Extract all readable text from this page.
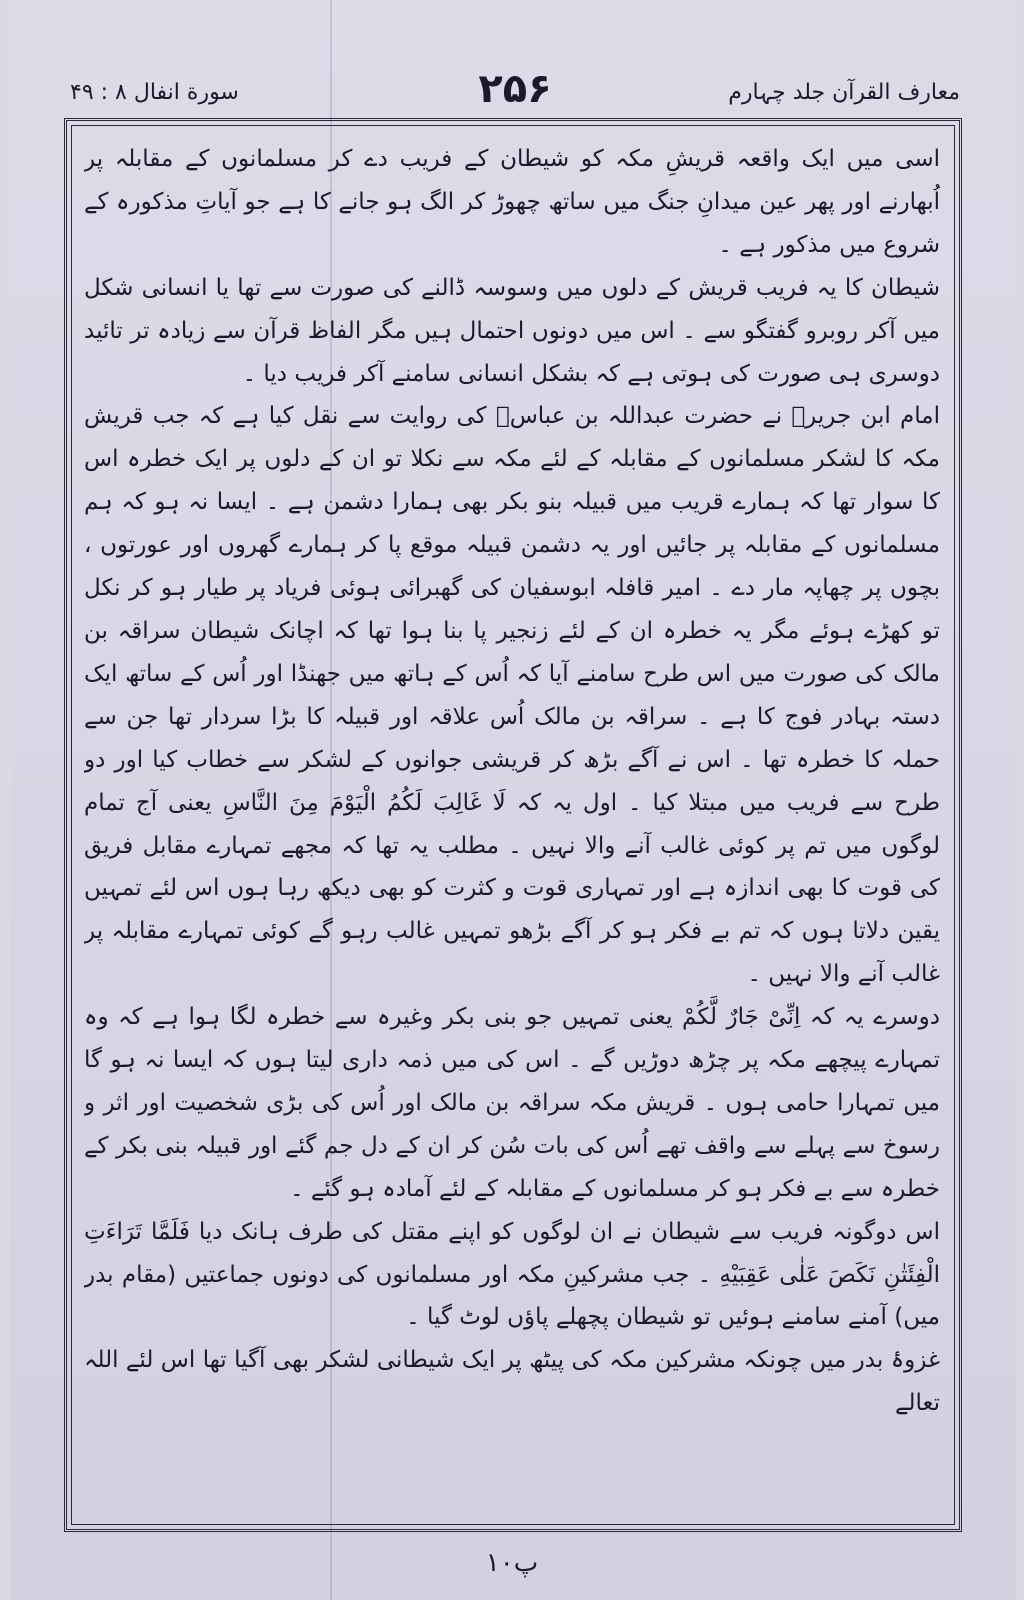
معارف القرآن جلد چہارم
۲۵۶
سورة انفال ۸ : ۴۹

اسی میں ایک واقعہ قریشِ مکہ کو شیطان کے فریب دے کر مسلمانوں کے مقابلہ پر اُبھارنے اور پھر عین میدانِ جنگ میں ساتھ چھوڑ کر الگ ہو جانے کا ہے جو آیاتِ مذکورہ کے شروع میں مذکور ہے ۔

شیطان کا یہ فریب قریش کے دلوں میں وسوسہ ڈالنے کی صورت سے تھا یا انسانی شکل میں آکر روبرو گفتگو سے ۔ اس میں دونوں احتمال ہیں مگر الفاظ قرآن سے زیادہ تر تائید دوسری ہی صورت کی ہوتی ہے کہ بشکل انسانی سامنے آکر فریب دیا ۔

امام ابن جریرؒ نے حضرت عبداللہ بن عباسؓ کی روایت سے نقل کیا ہے کہ جب قریش مکہ کا لشکر مسلمانوں کے مقابلہ کے لئے مکہ سے نکلا تو ان کے دلوں پر ایک خطرہ اس کا سوار تھا کہ ہمارے قریب میں قبیلہ بنو بکر بھی ہمارا دشمن ہے ۔ ایسا نہ ہو کہ ہم مسلمانوں کے مقابلہ پر جائیں اور یہ دشمن قبیلہ موقع پا کر ہمارے گھروں اور عورتوں ، بچوں پر چھاپہ مار دے ۔ امیر قافلہ ابوسفیان کی گھبرائی ہوئی فریاد پر طیار ہو کر نکل تو کھڑے ہوئے مگر یہ خطرہ ان کے لئے زنجیر پا بنا ہوا تھا کہ اچانک شیطان سراقہ بن مالک کی صورت میں اس طرح سامنے آیا کہ اُس کے ہاتھ میں جھنڈا اور اُس کے ساتھ ایک دستہ بہادر فوج کا ہے ۔ سراقہ بن مالک اُس علاقہ اور قبیلہ کا بڑا سردار تھا جن سے حملہ کا خطرہ تھا ۔ اس نے آگے بڑھ کر قریشی جوانوں کے لشکر سے خطاب کیا اور دو طرح سے فریب میں مبتلا کیا ۔ اول یہ کہ لَا غَالِبَ لَكُمُ الْيَوْمَ مِنَ النَّاسِ یعنی آج تمام لوگوں میں تم پر کوئی غالب آنے والا نہیں ۔ مطلب یہ تھا کہ مجھے تمہارے مقابل فریق کی قوت کا بھی اندازہ ہے اور تمہاری قوت و کثرت کو بھی دیکھ رہا ہوں اس لئے تمہیں یقین دلاتا ہوں کہ تم بے فکر ہو کر آگے بڑھو تمہیں غالب رہو گے کوئی تمہارے مقابلہ پر غالب آنے والا نہیں ۔

دوسرے یہ کہ اِنِّیْ جَارٌ لَّكُمْ یعنی تمہیں جو بنی بکر وغیرہ سے خطرہ لگا ہوا ہے کہ وہ تمہارے پیچھے مکہ پر چڑھ دوڑیں گے ۔ اس کی میں ذمہ داری لیتا ہوں کہ ایسا نہ ہو گا میں تمہارا حامی ہوں ۔ قریش مکہ سراقہ بن مالک اور اُس کی بڑی شخصیت اور اثر و رسوخ سے پہلے سے واقف تھے اُس کی بات سُن کر ان کے دل جم گئے اور قبیلہ بنی بکر کے خطرہ سے بے فکر ہو کر مسلمانوں کے مقابلہ کے لئے آمادہ ہو گئے ۔

اس دوگونہ فریب سے شیطان نے ان لوگوں کو اپنے مقتل کی طرف ہانک دیا فَلَمَّا تَرَاءَتِ الْفِئَتٰنِ نَكَصَ عَلٰى عَقِبَيْهِ ۔ جب مشرکینِ مکہ اور مسلمانوں کی دونوں جماعتیں (مقام بدر میں) آمنے سامنے ہوئیں تو شیطان پچھلے پاؤں لوٹ گیا ۔

غزوۂ بدر میں چونکہ مشرکین مکہ کی پیٹھ پر ایک شیطانی لشکر بھی آگیا تھا اس لئے اللہ تعالے

پ۱۰
